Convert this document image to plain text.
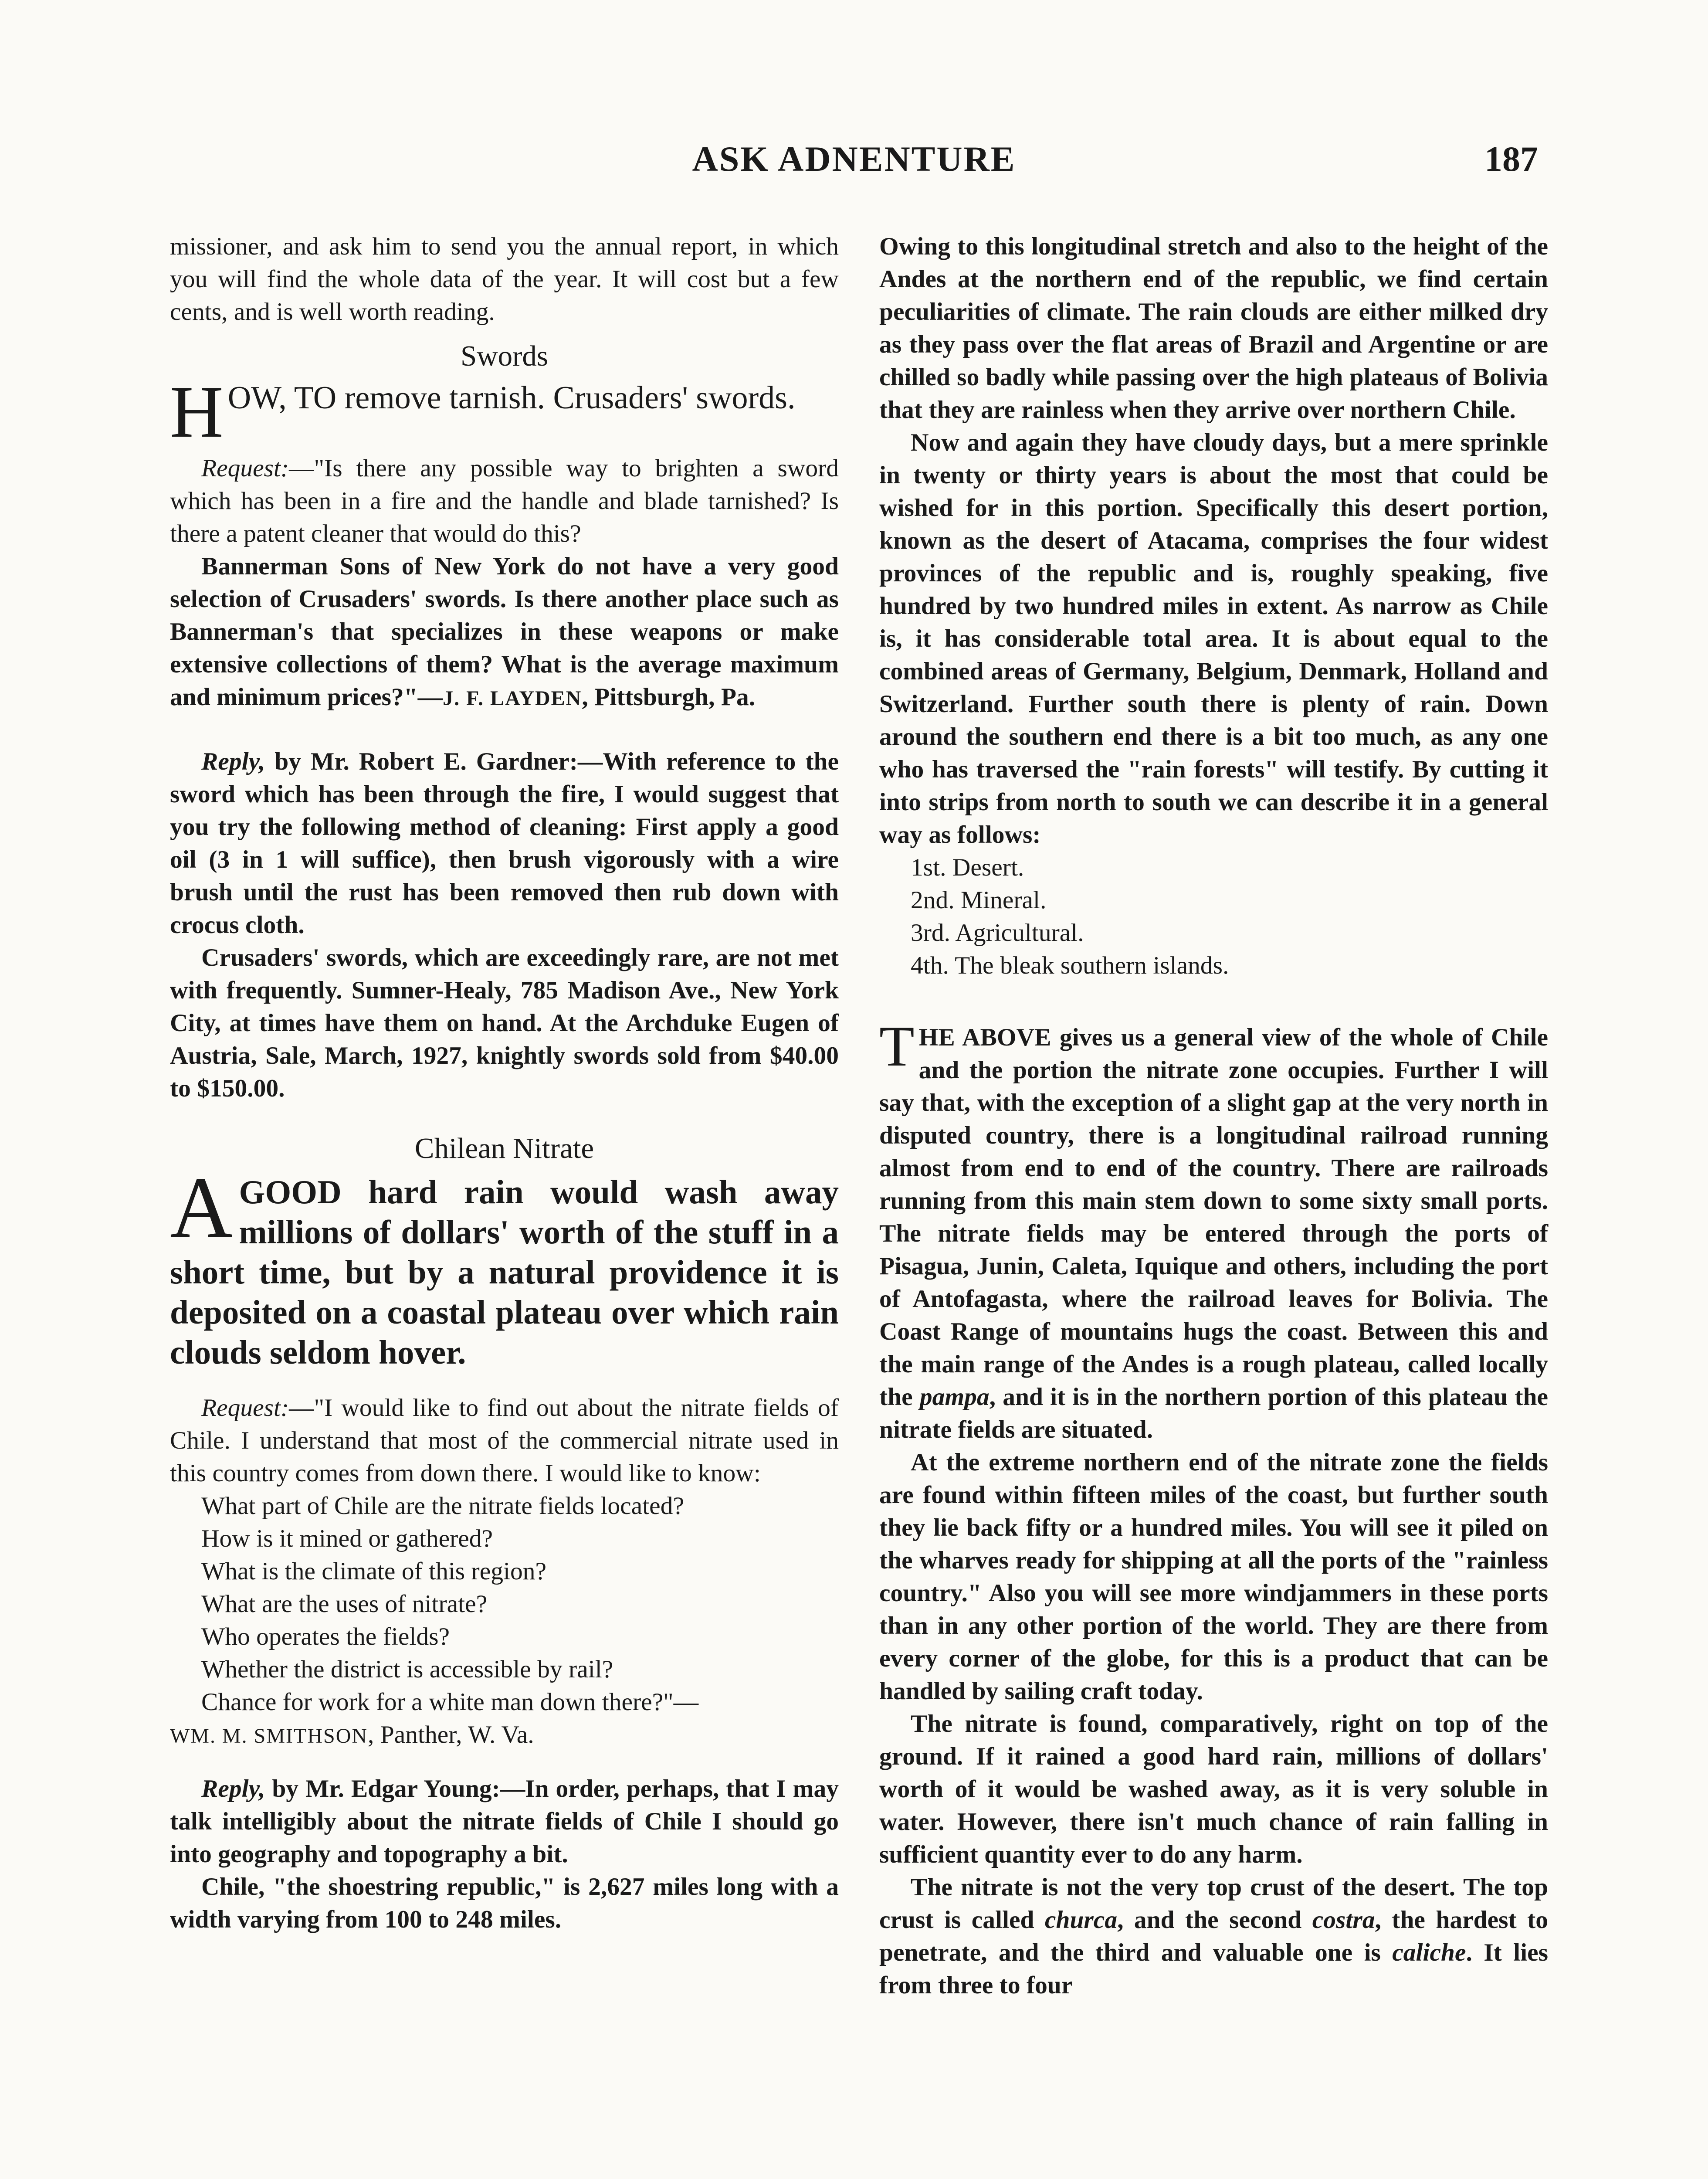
ASK ADNENTURE	187

missioner, and ask him to send you the annual report, in which you will find the whole data of the year. It will cost but a few cents, and is well worth reading.

Swords
H OW, TO remove tarnish. Crusaders' swords.

Request:—"Is there any possible way to brighten a sword which has been in a fire and the handle and blade tarnished? Is there a patent cleaner that would do this?

Bannerman Sons of New York do not have a very good selection of Crusaders' swords. Is there another place such as Bannerman's that specializes in these weapons or make extensive collections of them? What is the average maximum and minimum prices?"—J. F. LAYDEN, Pittsburgh, Pa.

Reply, by Mr. Robert E. Gardner:—With reference to the sword which has been through the fire, I would suggest that you try the following method of cleaning: First apply a good oil (3 in 1 will suffice), then brush vigorously with a wire brush until the rust has been removed then rub down with crocus cloth.

Crusaders' swords, which are exceedingly rare, are not met with frequently. Sumner-Healy, 785 Madison Ave., New York City, at times have them on hand. At the Archduke Eugen of Austria, Sale, March, 1927, knightly swords sold from $40.00 to $150.00.

Chilean Nitrate
A GOOD hard rain would wash away millions of dollars' worth of the stuff in a short time, but by a natural providence it is deposited on a coastal plateau over which rain clouds seldom hover.

Request:—"I would like to find out about the nitrate fields of Chile. I understand that most of the commercial nitrate used in this country comes from down there. I would like to know:

What part of Chile are the nitrate fields located?

How is it mined or gathered?

What is the climate of this region?

What are the uses of nitrate?

Who operates the fields?

Whether the district is accessible by rail?

Chance for work for a white man down there?"—

WM. M. SMITHSON, Panther, W. Va.

Reply, by Mr. Edgar Young:—In order, perhaps, that I may talk intelligibly about the nitrate fields of Chile I should go into geography and topography a bit.

Chile, "the shoestring republic," is 2,627 miles long with a width varying from 100 to 248 miles.

Owing to this longitudinal stretch and also to the height of the Andes at the northern end of the republic, we find certain peculiarities of climate. The rain clouds are either milked dry as they pass over the flat areas of Brazil and Argentine or are chilled so badly while passing over the high plateaus of Bolivia that they are rainless when they arrive over northern Chile.

Now and again they have cloudy days, but a mere sprinkle in twenty or thirty years is about the most that could be wished for in this portion. Specifically this desert portion, known as the desert of Atacama, comprises the four widest provinces of the republic and is, roughly speaking, five hundred by two hundred miles in extent. As narrow as Chile is, it has considerable total area. It is about equal to the combined areas of Germany, Belgium, Denmark, Holland and Switzerland. Further south there is plenty of rain. Down around the southern end there is a bit too much, as any one who has traversed the "rain forests" will testify. By cutting it into strips from north to south we can describe it in a general way as follows:

1st. Desert.

2nd. Mineral.

3rd. Agricultural.

4th. The bleak southern islands.

THE ABOVE gives us a general view of the whole of Chile and the portion the nitrate zone occupies. Further I will say that, with the exception of a slight gap at the very north in disputed country, there is a longitudinal railroad running almost from end to end of the country. There are railroads running from this main stem down to some sixty small ports. The nitrate fields may be entered through the ports of Pisagua, Junin, Caleta, Iquique and others, including the port of Antofagasta, where the railroad leaves for Bolivia. The Coast Range of mountains hugs the coast. Between this and the main range of the Andes is a rough plateau, called locally the pampa, and it is in the northern portion of this plateau the nitrate fields are situated.

At the extreme northern end of the nitrate zone the fields are found within fifteen miles of the coast, but further south they lie back fifty or a hundred miles. You will see it piled on the wharves ready for shipping at all the ports of the "rainless country." Also you will see more windjammers in these ports than in any other portion of the world. They are there from every corner of the globe, for this is a product that can be handled by sailing craft today.

The nitrate is found, comparatively, right on top of the ground. If it rained a good hard rain, millions of dollars' worth of it would be washed away, as it is very soluble in water. However, there isn't much chance of rain falling in sufficient quantity ever to do any harm.

The nitrate is not the very top crust of the desert. The top crust is called churca, and the second costra, the hardest to penetrate, and the third and valuable one is caliche. It lies from three to four
